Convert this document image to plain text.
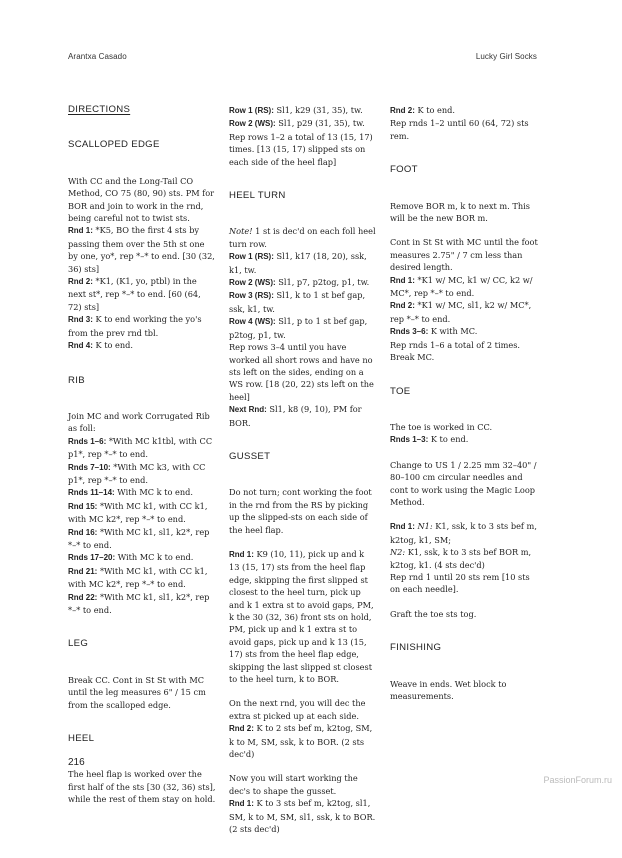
Arantxa Casado	Lucky Girl Socks
DIRECTIONS
SCALLOPED EDGE

With CC and the Long-Tail CO Method, CO 75 (80, 90) sts. PM for BOR and join to work in the rnd, being careful not to twist sts.

Rnd 1: *K5, BO the first 4 sts by passing them over the 5th st one by one, yo*, rep *–* to end. [30 (32, 36) sts]

Rnd 2: *K1, (K1, yo, ptbl) in the next st*, rep *–* to end. [60 (64, 72) sts]

Rnd 3: K to end working the yo's from the prev rnd tbl.

Rnd 4: K to end.

RIB

Join MC and work Corrugated Rib as foll:

Rnds 1–6: *With MC k1tbl, with CC p1*, rep *–* to end.

Rnds 7–10: *With MC k3, with CC p1*, rep *–* to end.

Rnds 11–14: With MC k to end.

Rnd 15: *With MC k1, with CC k1, with MC k2*, rep *–* to end.

Rnd 16: *With MC k1, sl1, k2*, rep *–* to end.

Rnds 17–20: With MC k to end.

Rnd 21: *With MC k1, with CC k1, with MC k2*, rep *–* to end.

Rnd 22: *With MC k1, sl1, k2*, rep *–* to end.

LEG

Break CC. Cont in St St with MC until the leg measures 6" / 15 cm from the scalloped edge.

HEEL

The heel flap is worked over the first half of the sts [30 (32, 36) sts], while the rest of them stay on hold.

Row 1 (RS): Sl1, k29 (31, 35), tw.

Row 2 (WS): Sl1, p29 (31, 35), tw.

Rep rows 1–2 a total of 13 (15, 17) times. [13 (15, 17) slipped sts on each side of the heel flap]

HEEL TURN

Note! 1 st is dec'd on each foll heel turn row.

Row 1 (RS): Sl1, k17 (18, 20), ssk, k1, tw.

Row 2 (WS): Sl1, p7, p2tog, p1, tw.

Row 3 (RS): Sl1, k to 1 st bef gap, ssk, k1, tw.

Row 4 (WS): Sl1, p to 1 st bef gap, p2tog, p1, tw.

Rep rows 3–4 until you have worked all short rows and have no sts left on the sides, ending on a WS row. [18 (20, 22) sts left on the heel]

Next Rnd: Sl1, k8 (9, 10), PM for BOR.

GUSSET

Do not turn; cont working the foot in the rnd from the RS by picking up the slipped-sts on each side of the heel flap.

Rnd 1: K9 (10, 11), pick up and k 13 (15, 17) sts from the heel flap edge, skipping the first slipped st closest to the heel turn, pick up and k 1 extra st to avoid gaps, PM, k the 30 (32, 36) front sts on hold, PM, pick up and k 1 extra st to avoid gaps, pick up and k 13 (15, 17) sts from the heel flap edge, skipping the last slipped st closest to the heel turn, k to BOR.

On the next rnd, you will dec the extra st picked up at each side.

Rnd 2: K to 2 sts bef m, k2tog, SM, k to M, SM, ssk, k to BOR. (2 sts dec'd)

Now you will start working the dec's to shape the gusset.

Rnd 1: K to 3 sts bef m, k2tog, sl1, SM, k to M, SM, sl1, ssk, k to BOR. (2 sts dec'd)

Rnd 2: K to end.

Rep rnds 1–2 until 60 (64, 72) sts rem.

FOOT

Remove BOR m, k to next m. This will be the new BOR m.

Cont in St St with MC until the foot measures 2.75" / 7 cm less than desired length.

Rnd 1: *K1 w/ MC, k1 w/ CC, k2 w/ MC*, rep *–* to end.

Rnd 2: *K1 w/ MC, sl1, k2 w/ MC*, rep *–* to end.

Rnds 3–6: K with MC.

Rep rnds 1–6 a total of 2 times. Break MC.

TOE

The toe is worked in CC.

Rnds 1–3: K to end.

Change to US 1 / 2.25 mm 32–40" / 80–100 cm circular needles and cont to work using the Magic Loop Method.

Rnd 1: N1: K1, ssk, k to 3 sts bef m, k2tog, k1, SM;

N2: K1, ssk, k to 3 sts bef BOR m, k2tog, k1. (4 sts dec'd)

Rep rnd 1 until 20 sts rem [10 sts on each needle].

Graft the toe sts tog.

FINISHING

Weave in ends. Wet block to measurements.

216
PassionForum.ru
